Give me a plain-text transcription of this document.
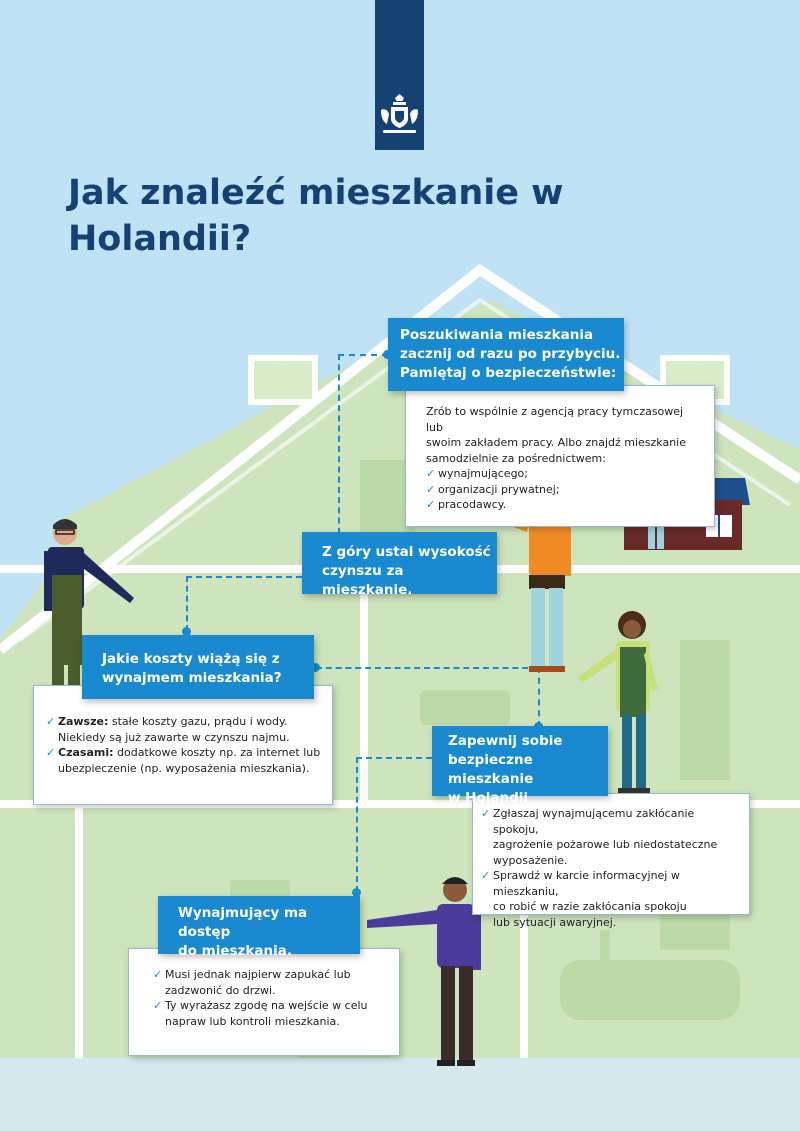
Jak znaleźć mieszkanie w
Holandii?

Zrób to wspólnie z agencją pracy tymczasowej lub
swoim zakładem pracy. Albo znajdź mieszkanie
samodzielnie za pośrednictwem:

✓ wynajmującego;
✓ organizacji prywatnej;
✓ pracodawcy.
Poszukiwania mieszkania
zacznij od razu po przybyciu.
Pamiętaj o bezpieczeństwie:
Z góry ustal wysokość
czynszu za mieszkanie.
✓ Zawsze: stałe koszty gazu, prądu i wody.
Niekiedy są już zawarte w czynszu najmu.
✓ Czasami: dodatkowe koszty np. za internet lub
ubezpieczenie (np. wyposażenia mieszkania).
Jakie koszty wiążą się z
wynajmem mieszkania?
✓ Zgłaszaj wynajmującemu zakłócanie spokoju,
zagrożenie pożarowe lub niedostateczne
wyposażenie.
✓ Sprawdź w karcie informacyjnej w mieszkaniu,
co robić w razie zakłócania spokoju
lub sytuacji awaryjnej.
Zapewnij sobie
bezpieczne mieszkanie
w Holandii
✓ Musi jednak najpierw zapukać lub
zadzwonić do drzwi.
✓ Ty wyrażasz zgodę na wejście w celu
napraw lub kontroli mieszkania.
Wynajmujący ma dostęp
do mieszkania.
